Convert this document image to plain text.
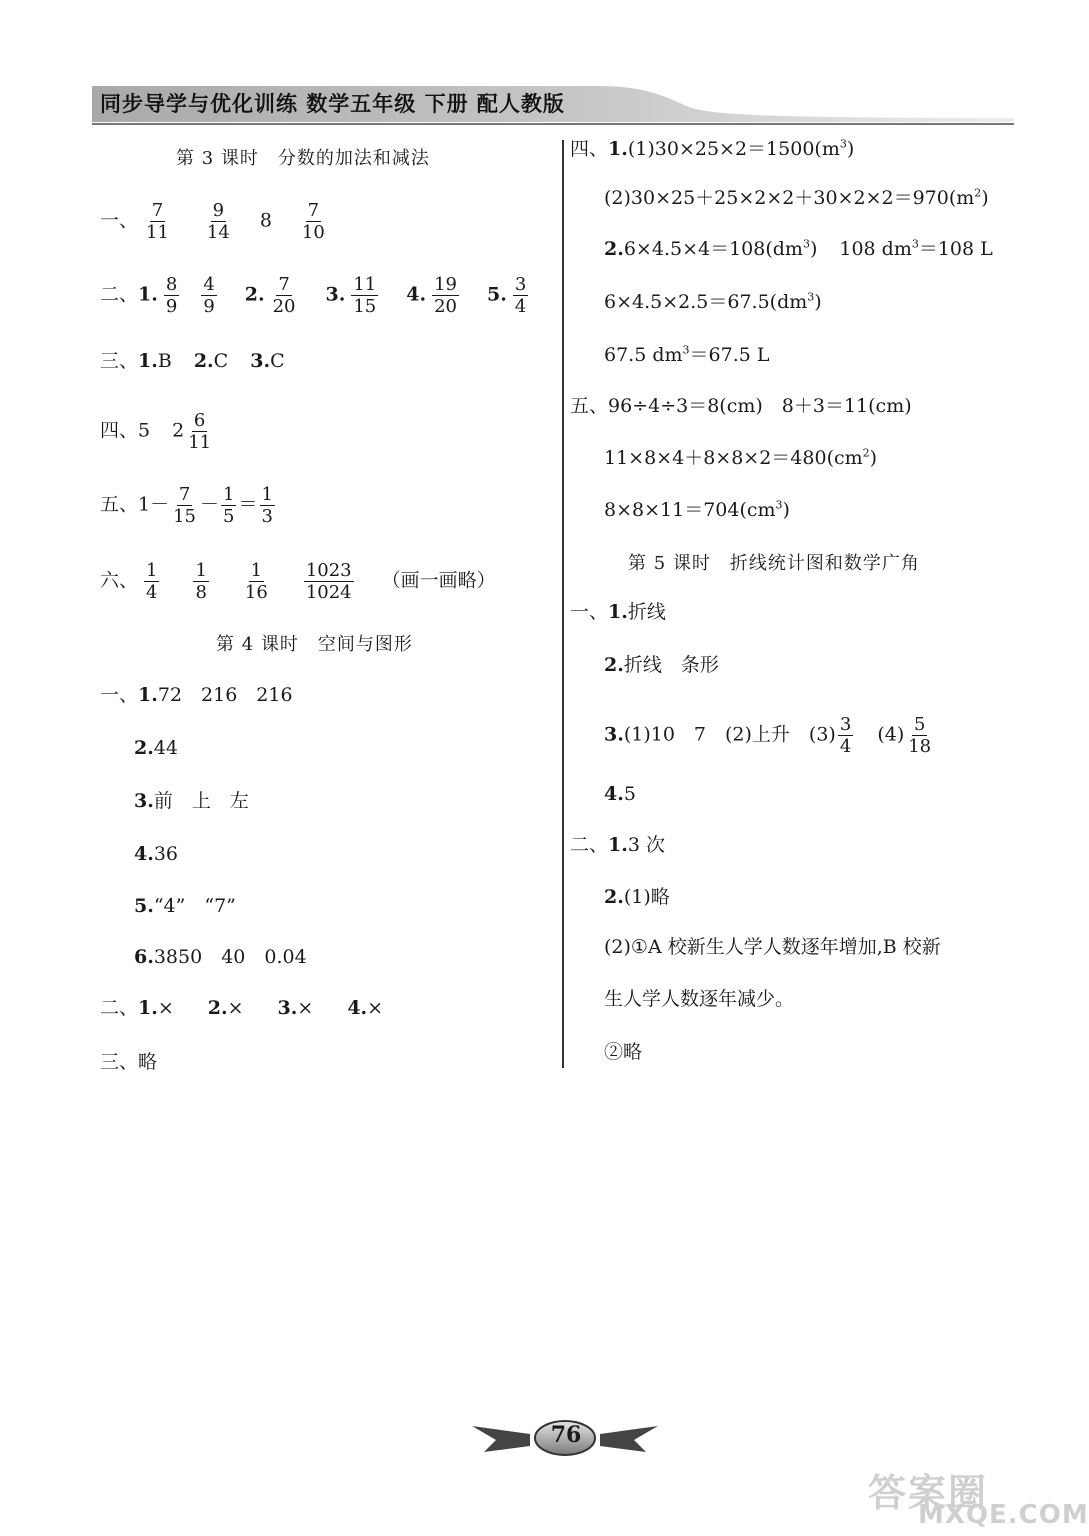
同步导学与优化训练 数学五年级 下册 配人教版
第 3 课时　分数的加法和减法
一、 $\frac{7}{11} \frac{9}{14} 8 \frac{7}{10}$
二、1. $\frac{8}{9} \frac{4}{9} 2$. $\frac{7}{20} 3$. $\frac{11}{15} 4$. $\frac{19}{20} 5$. $\frac{3}{4}$
三、1.B 2.C 3.C
四、5 $2 \frac{6}{11}$
五、$1- \frac{7}{15} - \frac{1}{5} = \frac{1}{3}$
六、 $\frac{1}{4} \frac{1}{8} \frac{1}{16} \frac{1023}{1024}$ （画一画略）
第 4 课时　空间与图形
一、1.72　216　216
2.44
3.前　上　左
4.36
5.“4”　“7”
6.3850　40　0.04
二、1.× 2.× 3.× 4.×
三、略
四、$1.(1)30\times 25\times 2=1500(m^3)$
$(2)30\times 25+25\times 2\times 2+30\times 2\times 2=970(m^2)$
$2.6\times 4.5\times 4=108(dm^3)$ 108 $dm^3=108$ L
$6\times 4.5\times 2.5=67.5(dm^3)$
67.5 $dm^3=67.5$ L
五、96÷4÷3＝8(cm)　8＋3＝11(cm)
$11\times 8\times 4+8\times 8\times 2=480(cm^2)$
$8\times 8\times 11=704(cm^3)$
第 5 课时　折线统计图和数学广角
一、1.折线
2.折线　条形
3.(1)10　7　(2)上升　$(3) \frac{3}{4} (4) \frac{5}{18}$
4.5
二、1.3 次
2.(1)略
(2)①A 校新生人学人数逐年增加,B 校新
生人学人数逐年减少。
②略
76
答案圈
MXQE.COM
